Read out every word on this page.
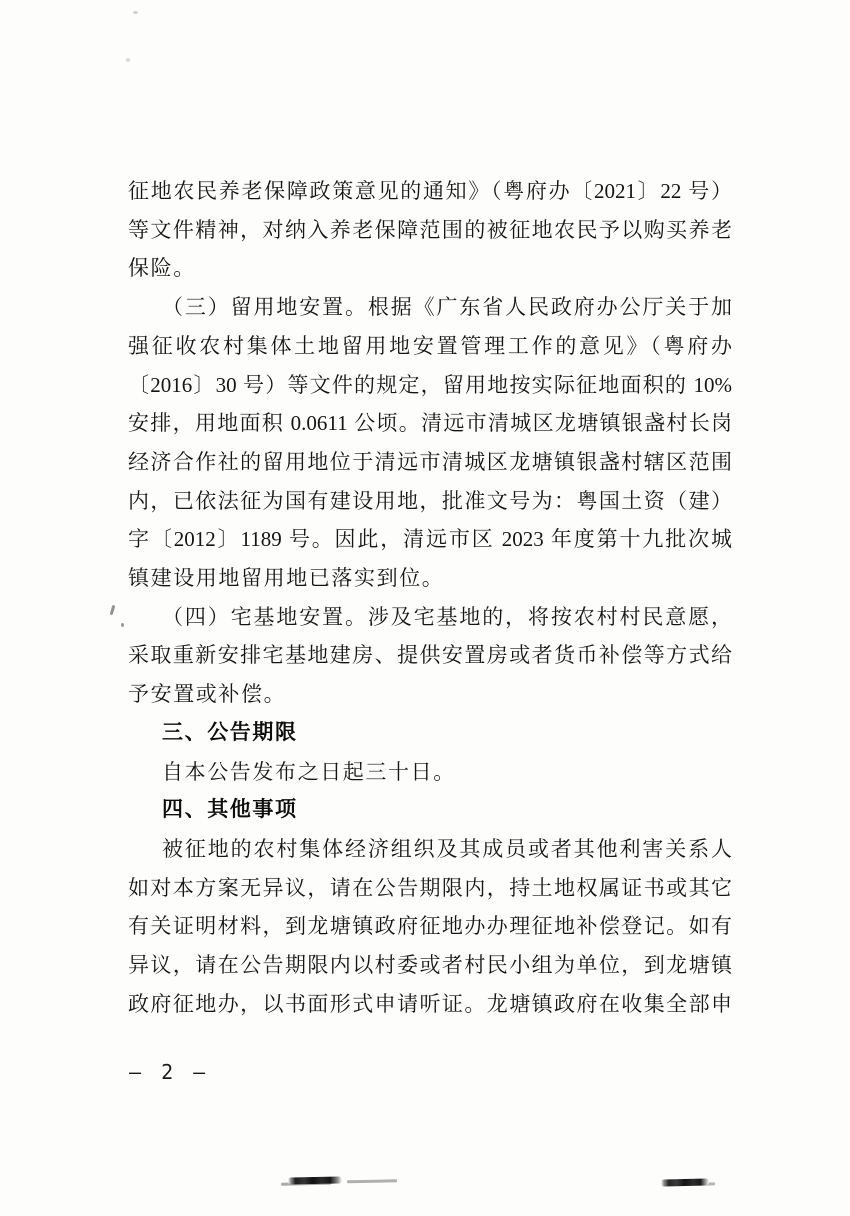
征地农民养老保障政策意见的通知》（粤府办〔2021〕22 号）
等文件精神，对纳入养老保障范围的被征地农民予以购买养老
保险。
（三）留用地安置。根据《广东省人民政府办公厅关于加
强征收农村集体土地留用地安置管理工作的意见》（粤府办
〔2016〕30 号）等文件的规定，留用地按实际征地面积的 10%
安排，用地面积 0.0611 公顷。清远市清城区龙塘镇银盏村长岗
经济合作社的留用地位于清远市清城区龙塘镇银盏村辖区范围
内，已依法征为国有建设用地，批准文号为：粤国土资（建）
字〔2012〕1189 号。因此，清远市区 2023 年度第十九批次城
镇建设用地留用地已落实到位。
（四）宅基地安置。涉及宅基地的，将按农村村民意愿，
采取重新安排宅基地建房、提供安置房或者货币补偿等方式给
予安置或补偿。
三、公告期限
自本公告发布之日起三十日。
四、其他事项
被征地的农村集体经济组织及其成员或者其他利害关系人
如对本方案无异议，请在公告期限内，持土地权属证书或其它
有关证明材料，到龙塘镇政府征地办办理征地补偿登记。如有
异议，请在公告期限内以村委或者村民小组为单位，到龙塘镇
政府征地办，以书面形式申请听证。龙塘镇政府在收集全部申
– 2 –
